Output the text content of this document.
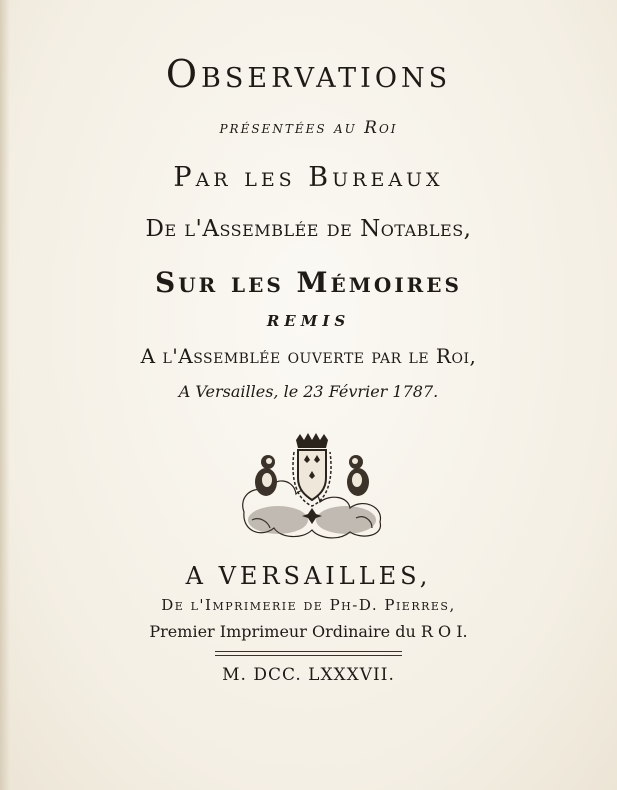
Observations
présentées au Roi
Par les Bureaux
De l'Assemblée de Notables,
Sur les Mémoires
REMIS
A l'Assemblée ouverte par le Roi,
A Versailles, le 23 Février 1787.
A VERSAILLES,
De l'Imprimerie de Ph-D. Pierres,
Premier Imprimeur Ordinaire du R O I.
M. DCC. LXXXVII.
